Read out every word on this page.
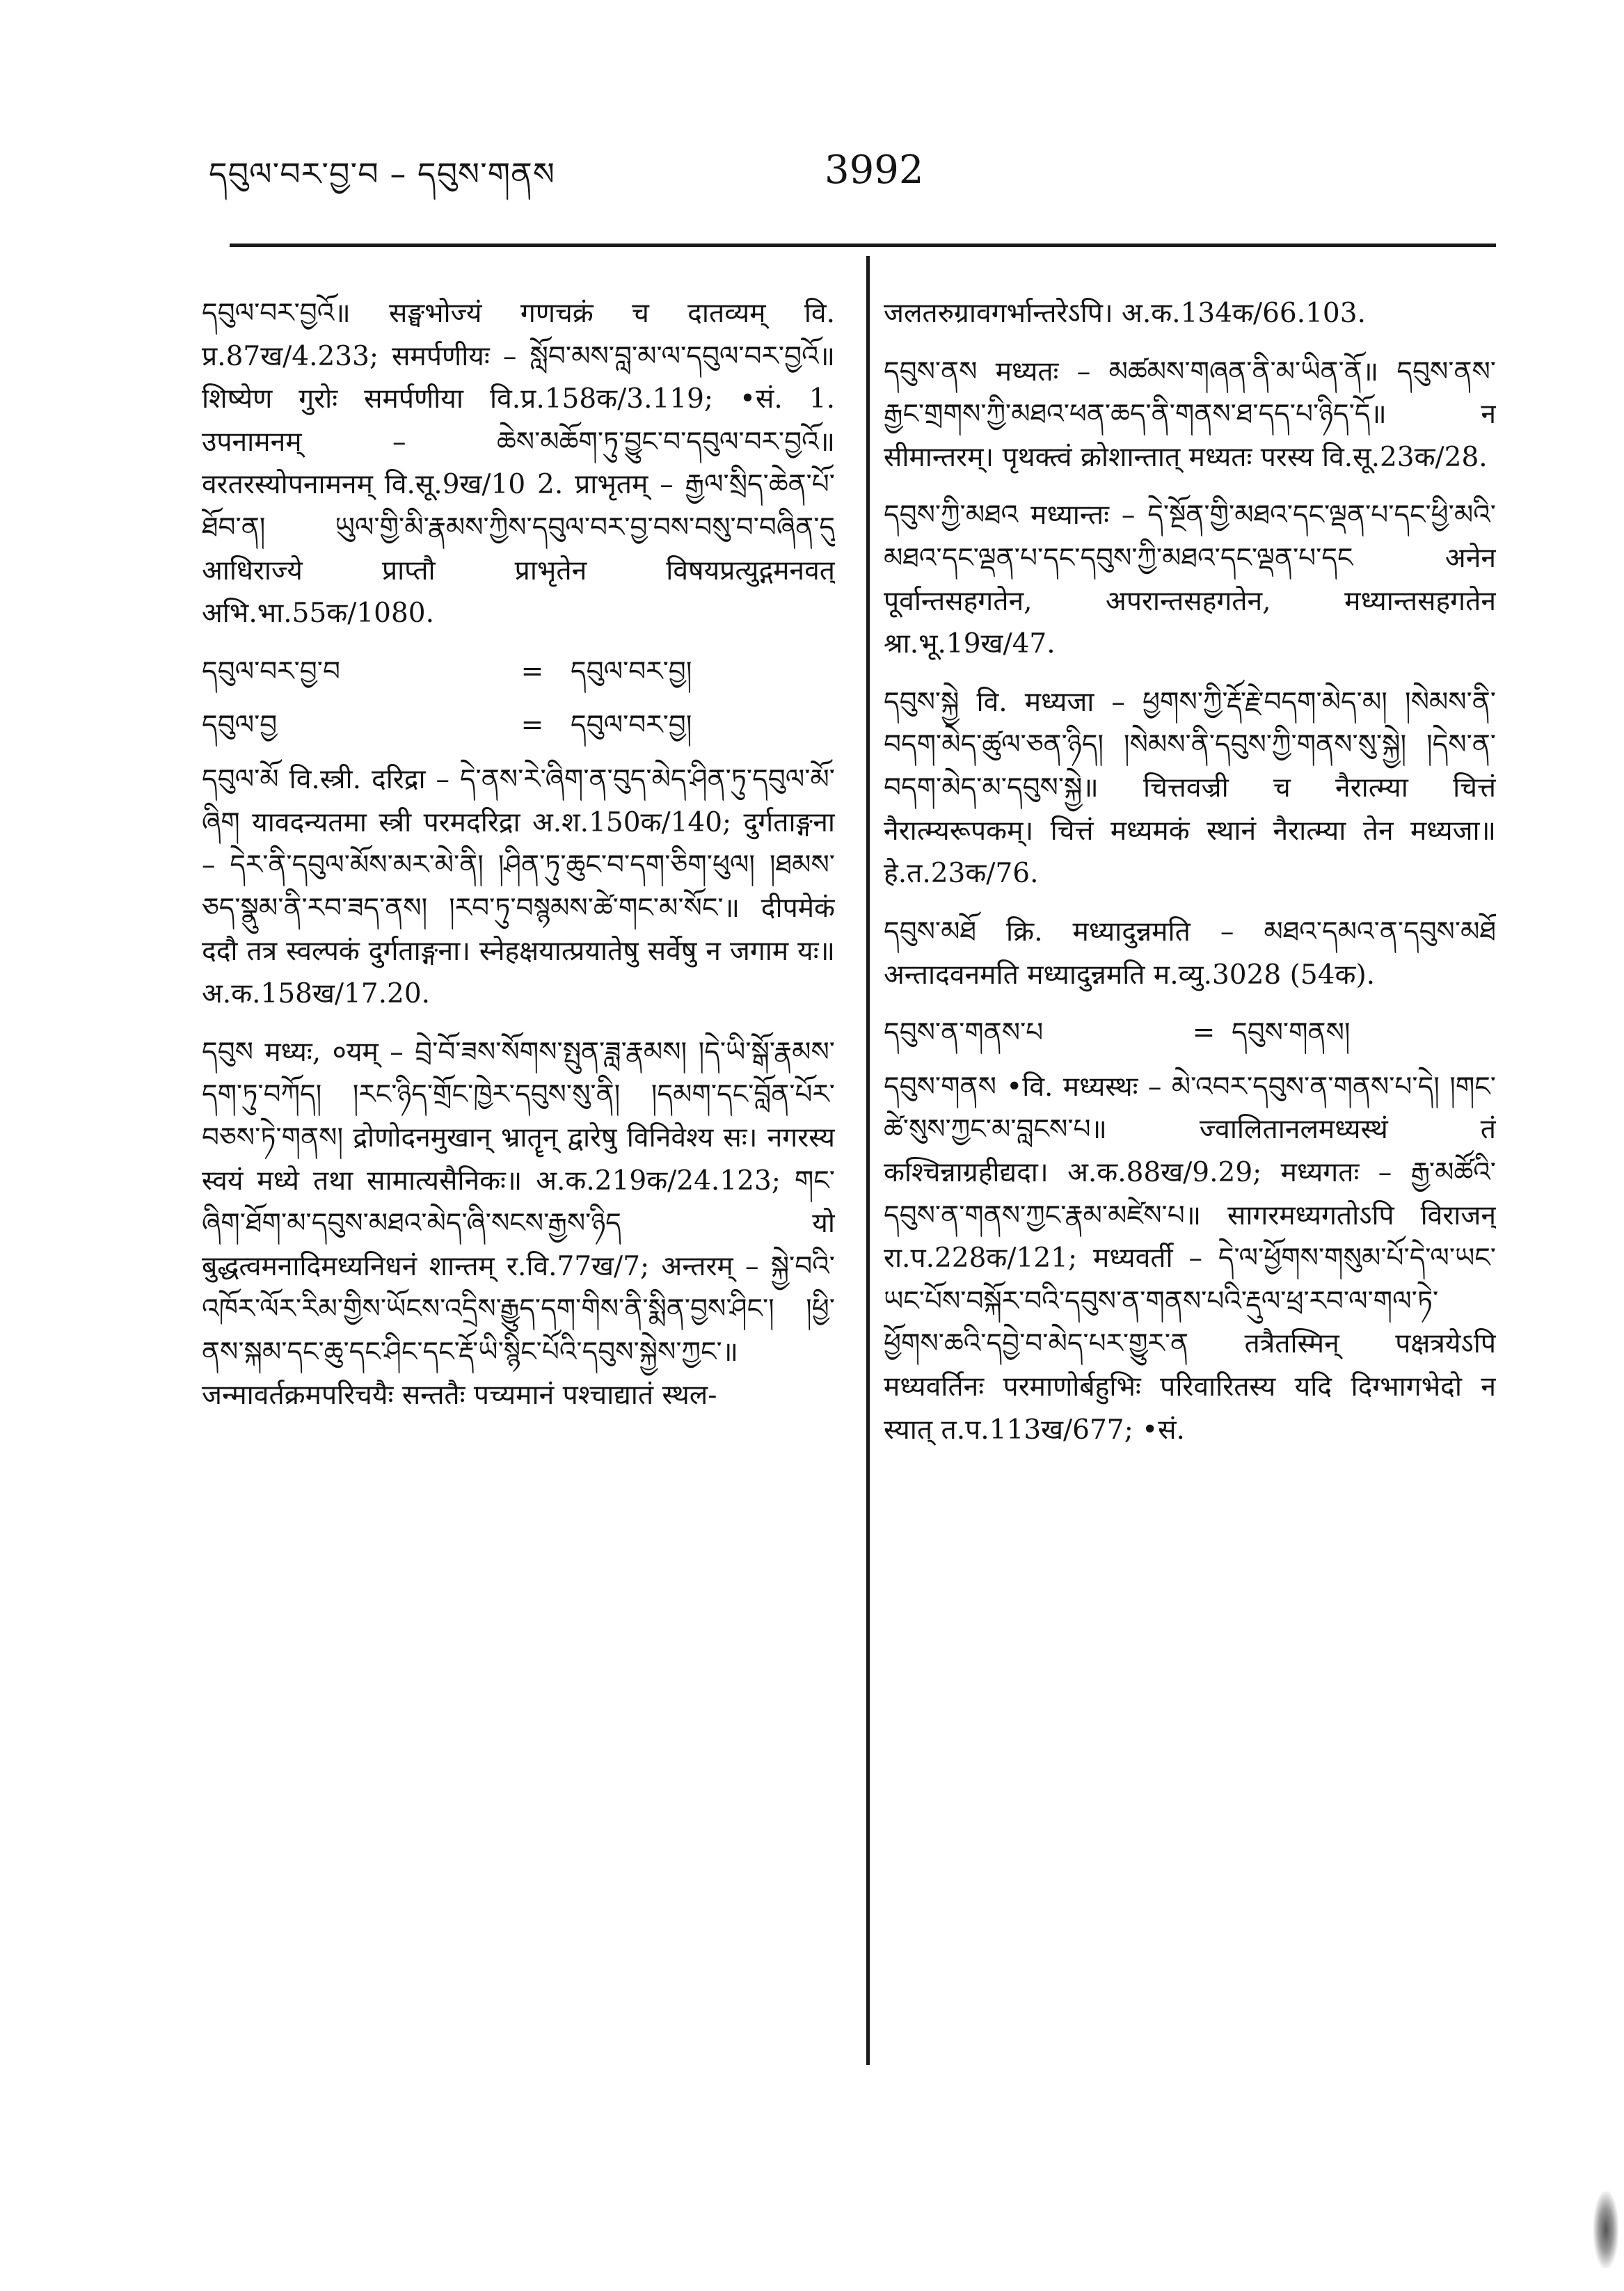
དབུལ་བར་བྱ་བ – དབུས་གནས	3992

དབུལ་བར་བྱའོ॥ सङ्घभोज्यं गणचक्रं च दातव्यम् वि. प्र.87ख/4.233; समर्पणीयः – སློབ་མས་བླ་མ་ལ་དབུལ་བར་བྱའོ॥ शिष्येण गुरोः समर्पणीया वि.प्र.158क/3.119; •सं. 1. उपनामनम् – ཆེས་མཆོག་ཏུ་བྱུང་བ་དབུལ་བར་བྱའོ॥ वरतरस्योपनामनम् वि.सू.9ख/10 2. प्राभृतम् – རྒྱལ་སྲིད་ཆེན་པོ་ཐོབ་ན། ཡུལ་གྱི་མི་རྣམས་ཀྱིས་དབུལ་བར་བྱ་བས་བསུ་བ་བཞིན་དུ आधिराज्ये प्राप्तौ प्राभृतेन विषयप्रत्युद्गमनवत् अभि.भा.55क/1080.

དབུལ་བར་བྱ་བ	= དབུལ་བར་བྱ།
དབུལ་བྱ	= དབུལ་བར་བྱ།

དབུལ་མོ वि.स्त्री. दरिद्रा – དེ་ནས་རེ་ཞིག་ན་བུད་མེད་ཤིན་ཏུ་དབུལ་མོ་ཞིག यावदन्यतमा स्त्री परमदरिद्रा अ.श.150क/140; दुर्गताङ्गना – དེར་ནི་དབུལ་མོས་མར་མེ་ནི། །ཤིན་ཏུ་ཆུང་བ་དག་ཅིག་ཕུལ། །ཐམས་ཅད་སྣུམ་ནི་རབ་ཟད་ནས། །རབ་ཏུ་བསྙམས་ཚེ་གང་མ་སོང་॥ दीपमेकं ददौ तत्र स्वल्पकं दुर्गताङ्गना। स्नेहक्षयात्प्रयातेषु सर्वेषु न जगाम यः॥ अ.क.158ख/17.20.

དབུས मध्यः, ०यम् – བྲེ་བོ་ཟས་སོགས་སྤུན་ཟླ་རྣམས། །དེ་ཡི་སྒོ་རྣམས་དག་ཏུ་བཀོད། །རང་ཉིད་གྲོང་ཁྱེར་དབུས་སུ་ནི། །དམག་དང་བློན་པོར་བཅས་ཏེ་གནས། द्रोणोदनमुखान् भ्रातॄन् द्वारेषु विनिवेश्य सः। नगरस्य स्वयं मध्ये तथा सामात्यसैनिकः॥ अ.क.219क/24.123; གང་ཞིག་ཐོག་མ་དབུས་མཐའ་མེད་ཞི་སངས་རྒྱས་ཉིད यो बुद्धत्वमनादिमध्यनिधनं शान्तम् र.वि.77ख/7; अन्तरम् – སྐྱེ་བའི་འཁོར་ལོར་རིམ་གྱིས་ཡོངས་འདྲིས་རྒྱུད་དག་གིས་ནི་སྨིན་བྱས་ཤིང་། །ཕྱི་ནས་སྐམ་དང་ཆུ་དང་ཤིང་དང་རྡོ་ཡི་སྙིང་པོའི་དབུས་སྐྱེས་ཀྱང་॥ जन्मावर्तक्रमपरिचयैः सन्ततैः पच्यमानं पश्चाद्यातं स्थल-

जलतरुग्रावगर्भान्तरेऽपि। अ.क.134क/66.103.

དབུས་ནས मध्यतः – མཚམས་གཞན་ནི་མ་ཡིན་ནོ॥ དབུས་ནས་རྒྱང་གྲགས་ཀྱི་མཐའ་ཕན་ཆད་ནི་གནས་ཐ་དད་པ་ཉིད་དོ॥ न सीमान्तरम्। पृथक्त्वं क्रोशान्तात् मध्यतः परस्य वि.सू.23क/28.

དབུས་ཀྱི་མཐའ मध्यान्तः – དེ་སྔོན་གྱི་མཐའ་དང་ལྡན་པ་དང་ཕྱི་མའི་མཐའ་དང་ལྡན་པ་དང་དབུས་ཀྱི་མཐའ་དང་ལྡན་པ་དང अनेन पूर्वान्तसहगतेन, अपरान्तसहगतेन, मध्यान्तसहगतेन श्रा.भू.19ख/47.

དབུས་སྐྱེ वि. मध्यजा – ཕྱགས་ཀྱི་རྡོ་རྗེ་བདག་མེད་མ། །སེམས་ནི་བདག་མེད་ཚུལ་ཅན་ཉིད། །སེམས་ནི་དབུས་ཀྱི་གནས་སུ་སྐྱེ། །དེས་ན་བདག་མེད་མ་དབུས་སྐྱེ॥ चित्तवज्री च नैरात्म्या चित्तं नैरात्म्यरूपकम्। चित्तं मध्यमकं स्थानं नैरात्म्या तेन मध्यजा॥ हे.त.23क/76.

དབུས་མཐོ क्रि. मध्यादुन्नमति – མཐའ་དམའ་ན་དབུས་མཐོ अन्तादवनमति मध्यादुन्नमति म.व्यु.3028 (54क).

དབུས་ན་གནས་པ	= དབུས་གནས།

དབུས་གནས •वि. मध्यस्थः – མེ་འབར་དབུས་ན་གནས་པ་དེ། །གང་ཚེ་སུས་ཀྱང་མ་བླངས་པ॥ ज्वालितानलमध्यस्थं तं कश्चिन्नाग्रहीद्यदा। अ.क.88ख/9.29; मध्यगतः – རྒྱ་མཚོའི་དབུས་ན་གནས་ཀྱང་རྣམ་མཛེས་པ॥ सागरमध्यगतोऽपि विराजन् रा.प.228क/121; मध्यवर्ती – དེ་ལ་ཕྱོགས་གསུམ་པོ་དེ་ལ་ཡང་ཡང་པོས་བསྐོར་བའི་དབུས་ན་གནས་པའི་རྡུལ་ཕྲ་རབ་ལ་གལ་ཏེ་ཕྱོགས་ཆའི་དབྱེ་བ་མེད་པར་གྱུར་ན तत्रैतस्मिन् पक्षत्रयेऽपि मध्यवर्तिनः परमाणोर्बहुभिः परिवारितस्य यदि दिग्भागभेदो न स्यात् त.प.113ख/677; •सं.
